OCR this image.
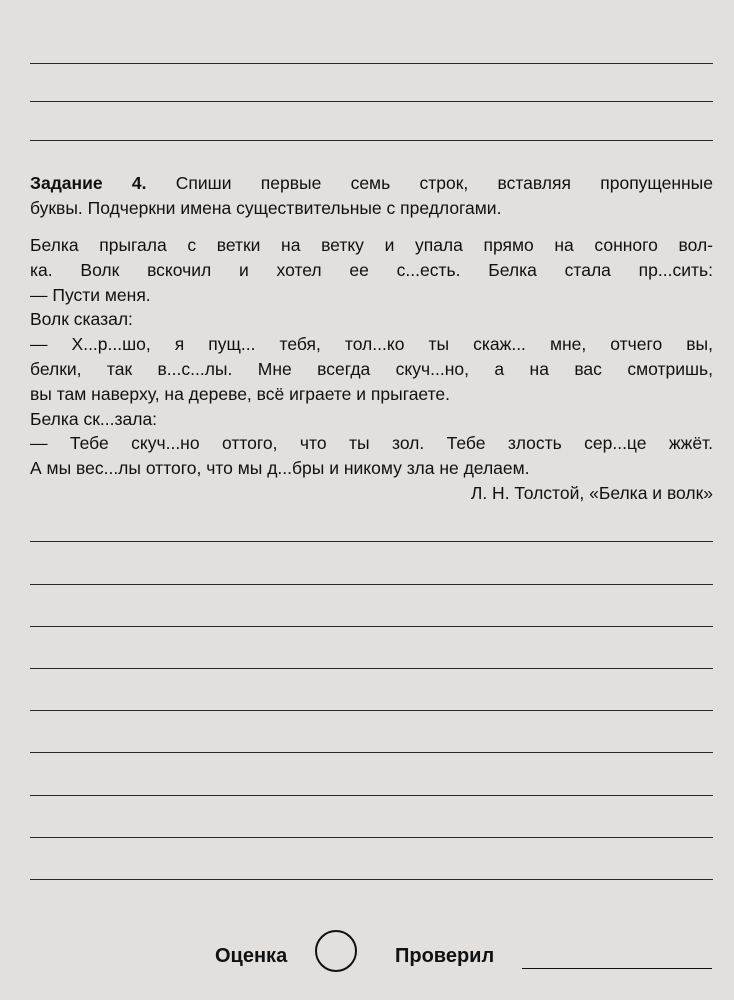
Задание 4. Спиши первые семь строк, вставляя пропущенные
буквы. Подчеркни имена существительные с предлогами.
Белка прыгала с ветки на ветку и упала прямо на сонного вол-
ка. Волк вскочил и хотел ее с...есть. Белка стала пр...сить:
— Пусти меня.
Волк сказал:
— Х...р...шо, я пущ... тебя, тол...ко ты скаж... мне, отчего вы,
белки, так в...с...лы. Мне всегда скуч...но, а на вас смотришь,
вы там наверху, на дереве, всё играете и прыгаете.
Белка ск...зала:
— Тебе скуч...но оттого, что ты зол. Тебе злость сер...це жжёт.
А мы вес...лы оттого, что мы д...бры и никому зла не делаем.
Л. Н. Толстой, «Белка и волк»
Оценка	Проверил
